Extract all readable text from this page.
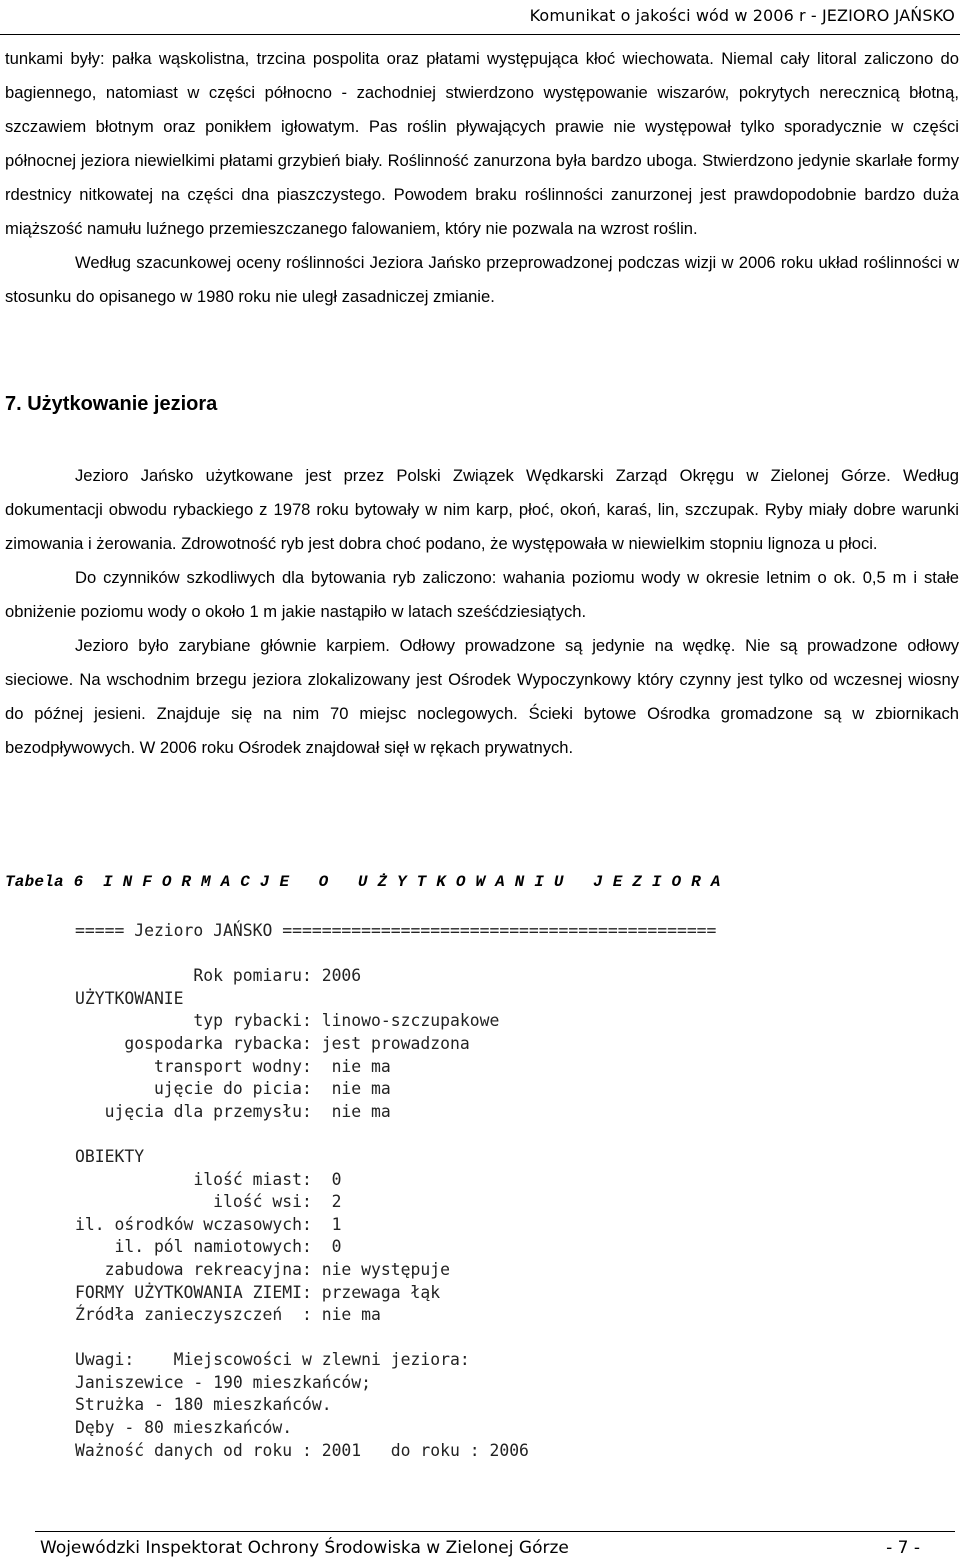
Komunikat o jakości wód w 2006 r - JEZIORO JAŃSKO

tunkami były: pałka wąskolistna, trzcina pospolita oraz płatami występująca kłoć wiechowata. Niemal cały litoral zaliczono do bagiennego, natomiast w części północno - zachodniej stwierdzono występowanie wiszarów, pokrytych nerecznicą błotną, szczawiem błotnym oraz ponikłem igłowatym. Pas roślin pływających prawie nie występował tylko sporadycznie w części północnej jeziora niewielkimi płatami grzybień biały. Roślinność zanurzona była bardzo uboga. Stwierdzono jedynie skarlałe formy rdestnicy nitkowatej na części dna piaszczystego. Powodem braku roślinności zanurzonej jest prawdopodobnie bardzo duża miąższość namułu luźnego przemieszczanego falowaniem, który nie pozwala na wzrost roślin.

Według szacunkowej oceny roślinności Jeziora Jańsko przeprowadzonej podczas wizji w 2006 roku układ roślinności w stosunku do opisanego w 1980 roku nie uległ zasadniczej zmianie.

7. Użytkowanie jeziora

Jezioro Jańsko użytkowane jest przez Polski Związek Wędkarski Zarząd Okręgu w Zielonej Górze. Według dokumentacji obwodu rybackiego z 1978 roku bytowały w nim karp, płoć, okoń, karaś, lin, szczupak. Ryby miały dobre warunki zimowania i żerowania. Zdrowotność ryb jest dobra choć podano, że występowała w niewielkim stopniu lignoza u płoci.

Do czynników szkodliwych dla bytowania ryb zaliczono: wahania poziomu wody w okresie letnim o ok. 0,5 m i stałe obniżenie poziomu wody o około 1 m jakie nastąpiło w latach sześćdziesiątych.

Jezioro było zarybiane głównie karpiem. Odłowy prowadzone są jedynie na wędkę. Nie są prowadzone odłowy sieciowe. Na wschodnim brzegu jeziora zlokalizowany jest Ośrodek Wypoczynkowy który czynny jest tylko od wczesnej wiosny do późnej jesieni. Znajduje się na nim 70 miejsc noclegowych. Ścieki bytowe Ośrodka gromadzone są w zbiornikach bezodpływowych. W 2006 roku Ośrodek znajdował sięł w rękach prywatnych.

Tabela 6  I N F O R M A C J E   O   U Ż Y T K O W A N I U   J E Z I O R A
===== Jezioro JAŃSKO ============================================

Rok pomiaru: 2006
UŻYTKOWANIE
typ rybacki: linowo-szczupakowe
gospodarka rybacka: jest prowadzona
transport wodny:  nie ma
ujęcie do picia:  nie ma
ujęcia dla przemysłu:  nie ma

OBIEKTY
ilość miast:  0
ilość wsi:  2
il. ośrodków wczasowych:  1
il. pól namiotowych:  0
zabudowa rekreacyjna: nie występuje
FORMY UŻYTKOWANIA ZIEMI: przewaga łąk
Źródła zanieczyszczeń  : nie ma

Uwagi:    Miejscowości w zlewni jeziora:
Janiszewice - 190 mieszkańców;
Strużka - 180 mieszkańców.
Dęby - 80 mieszkańców.
Ważność danych od roku : 2001   do roku : 2006
Wojewódzki Inspektorat Ochrony Środowiska w Zielonej Górze	- 7 -
